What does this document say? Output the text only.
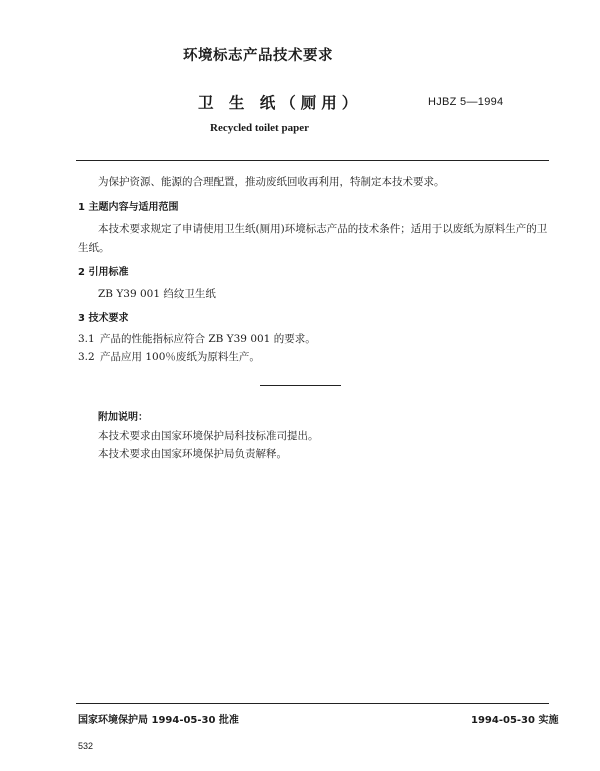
环境标志产品技术要求
卫 生 纸（厕用）	HJBZ 5—1994
Recycled toilet paper
为保护资源、能源的合理配置，推动废纸回收再利用，特制定本技术要求。
1 主题内容与适用范围
本技术要求规定了申请使用卫生纸(厕用)环境标志产品的技术条件；适用于以废纸为原料生产的卫生纸。
2 引用标准
ZB Y39 001 绉纹卫生纸
3 技术要求
3.1 产品的性能指标应符合 ZB Y39 001 的要求。
3.2 产品应用 100％废纸为原料生产。
附加说明：
本技术要求由国家环境保护局科技标准司提出。
本技术要求由国家环境保护局负责解释。
国家环境保护局 1994-05-30 批准	1994-05-30 实施
532
